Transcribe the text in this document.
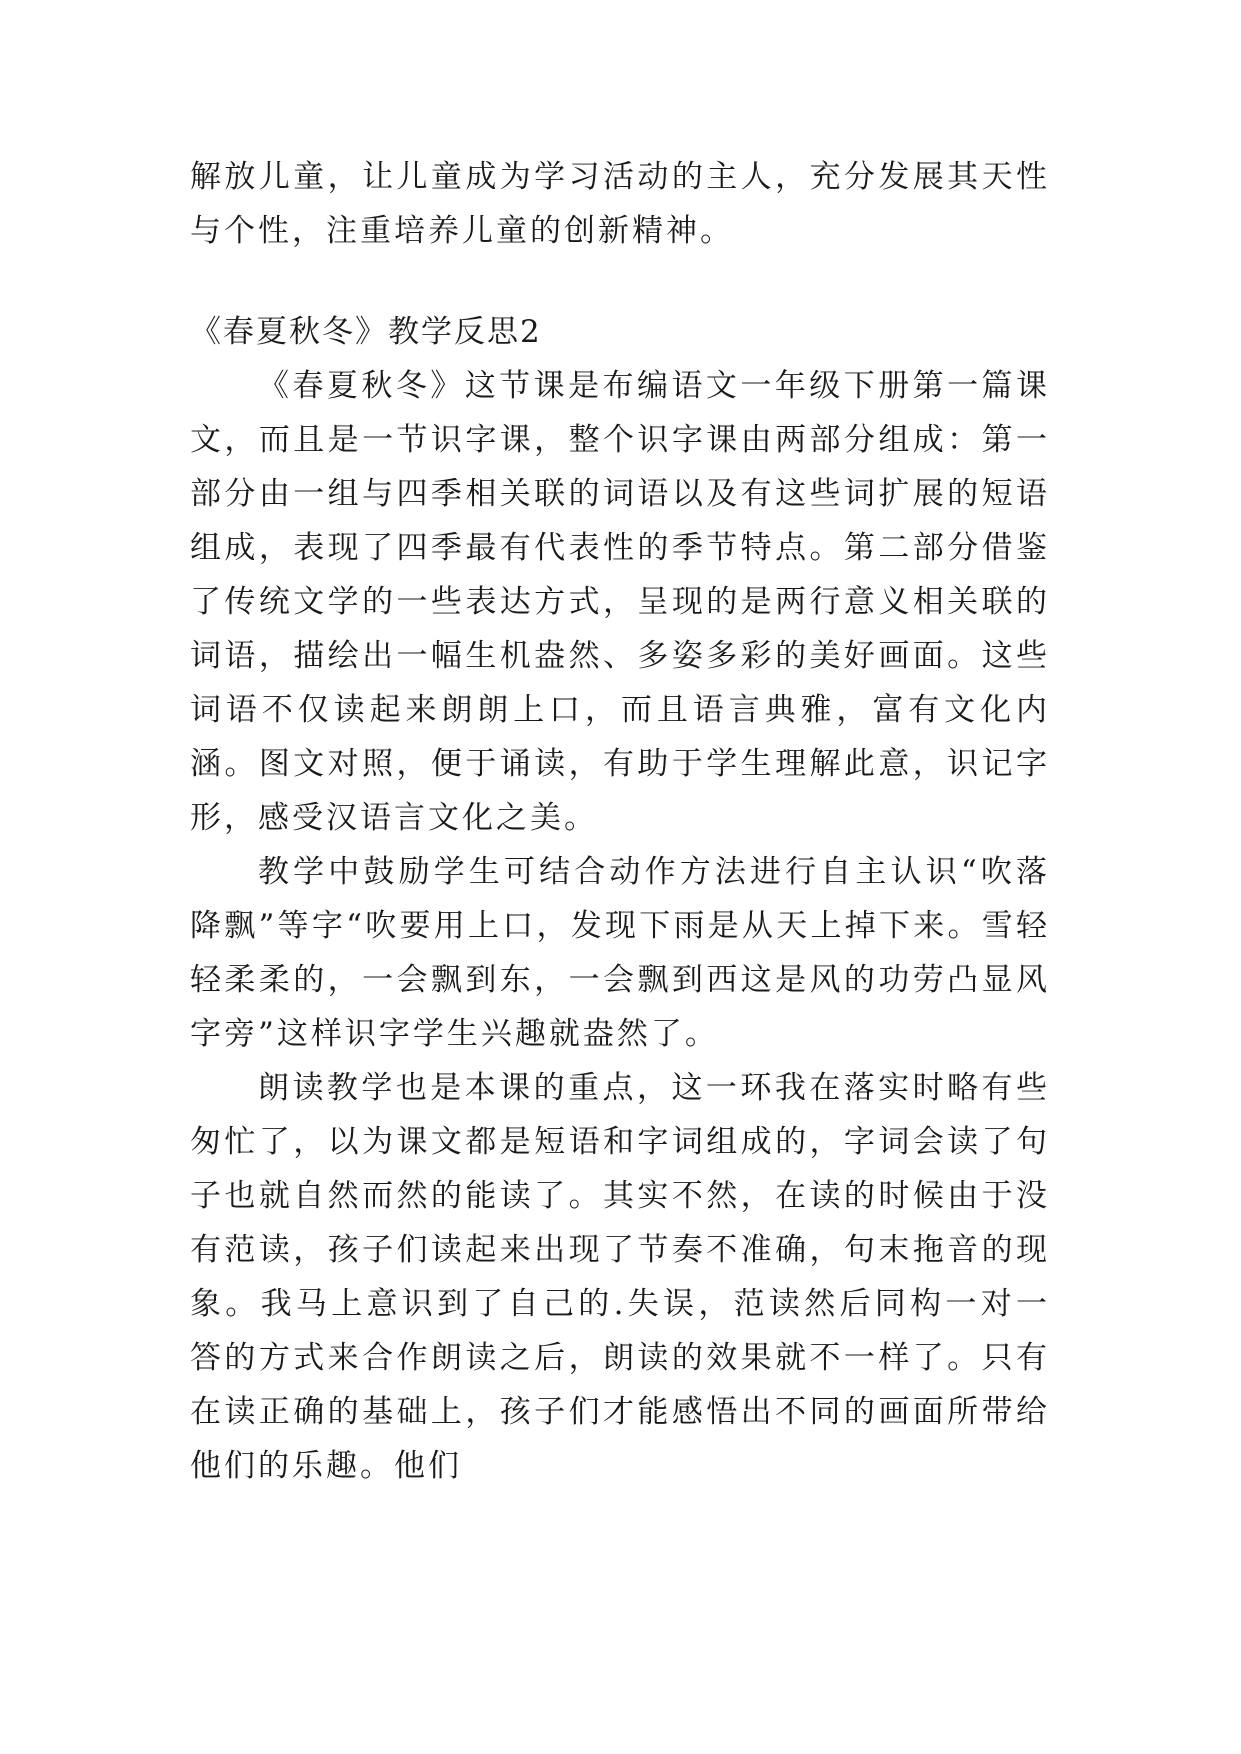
解放儿童，让儿童成为学习活动的主人，充分发展其天性与个性，注重培养儿童的创新精神。

《春夏秋冬》教学反思2

《春夏秋冬》这节课是布编语文一年级下册第一篇课文，而且是一节识字课，整个识字课由两部分组成：第一部分由一组与四季相关联的词语以及有这些词扩展的短语组成，表现了四季最有代表性的季节特点。第二部分借鉴了传统文学的一些表达方式，呈现的是两行意义相关联的词语，描绘出一幅生机盎然、多姿多彩的美好画面。这些词语不仅读起来朗朗上口，而且语言典雅，富有文化内涵。图文对照，便于诵读，有助于学生理解此意，识记字形，感受汉语言文化之美。

教学中鼓励学生可结合动作方法进行自主认识“吹落降飘”等字“吹要用上口，发现下雨是从天上掉下来。雪轻轻柔柔的，一会飘到东，一会飘到西这是风的功劳凸显风字旁”这样识字学生兴趣就盎然了。

朗读教学也是本课的重点，这一环我在落实时略有些匆忙了，以为课文都是短语和字词组成的，字词会读了句子也就自然而然的能读了。其实不然，在读的时候由于没有范读，孩子们读起来出现了节奏不准确，句末拖音的现象。我马上意识到了自己的.失误，范读然后同构一对一答的方式来合作朗读之后，朗读的效果就不一样了。只有在读正确的基础上，孩子们才能感悟出不同的画面所带给他们的乐趣。他们
